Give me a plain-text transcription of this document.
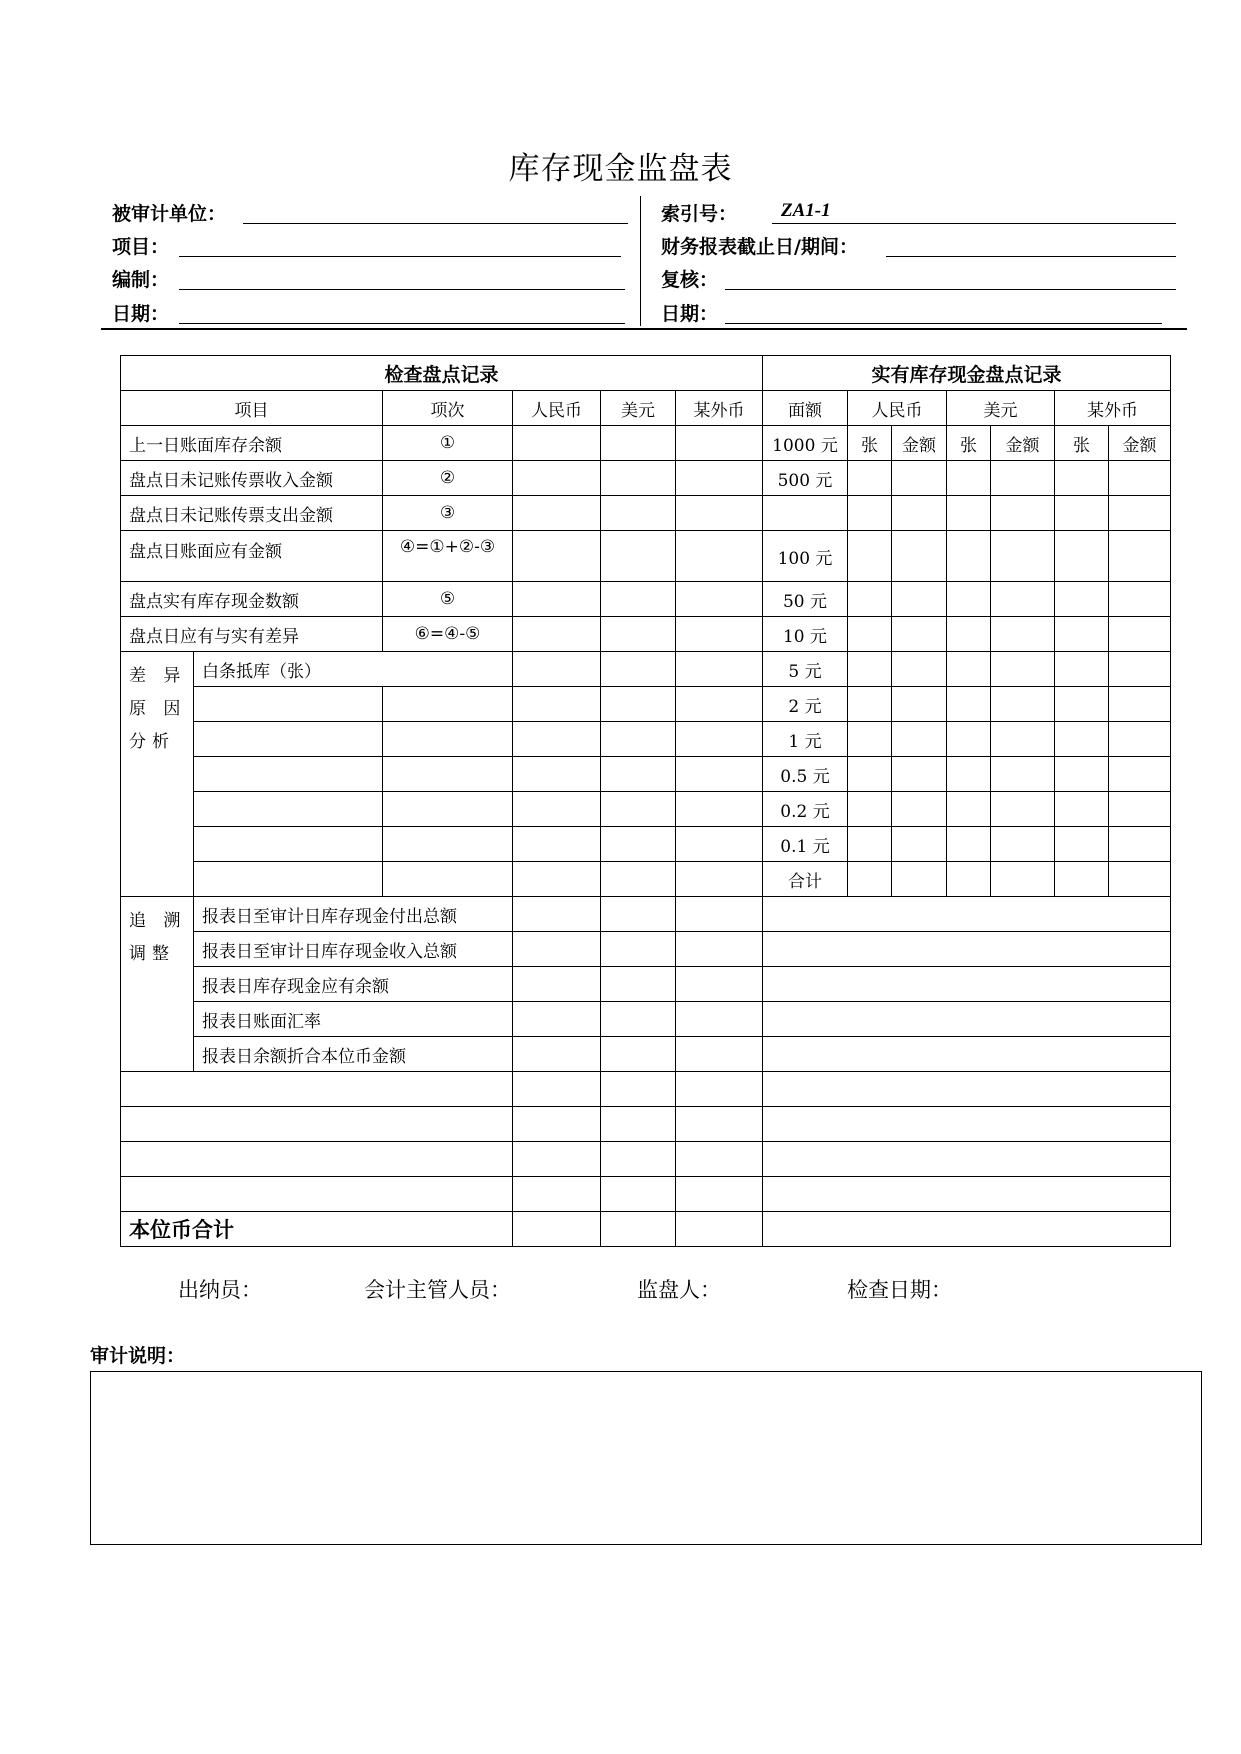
库存现金监盘表
被审计单位：
项目：
编制：
日期：
索引号： ZA1-1
财务报表截止日/期间：
复核：
日期：
检查盘点记录						实有库存现金盘点记录						
项目		项次	人民币	美元	某外币	面额	人民币		美元		某外币	
上一日账面库存余额		①				1000 元	张	金额	张	金额	张	金额
盘点日未记账传票收入金额		②				500 元						
盘点日未记账传票支出金额		③										
盘点日账面应有金额		④=①+②-③				100 元						
盘点实有库存现金数额		⑤				50 元						
盘点日应有与实有差异		⑥=④-⑤				10 元						
差 异 原 因 分析	白条抵库（张）					5 元						
						2 元						
						1 元						
						0.5 元						
						0.2 元						
						0.1 元						
						合计						
追 溯 调整	报表日至审计日库存现金付出总额											
	报表日至审计日库存现金收入总额											
	报表日库存现金应有余额											
	报表日账面汇率											
	报表日余额折合本位币金额											

本位币合计												
出纳员：	会计主管人员：	监盘人：	检查日期：
审计说明：
